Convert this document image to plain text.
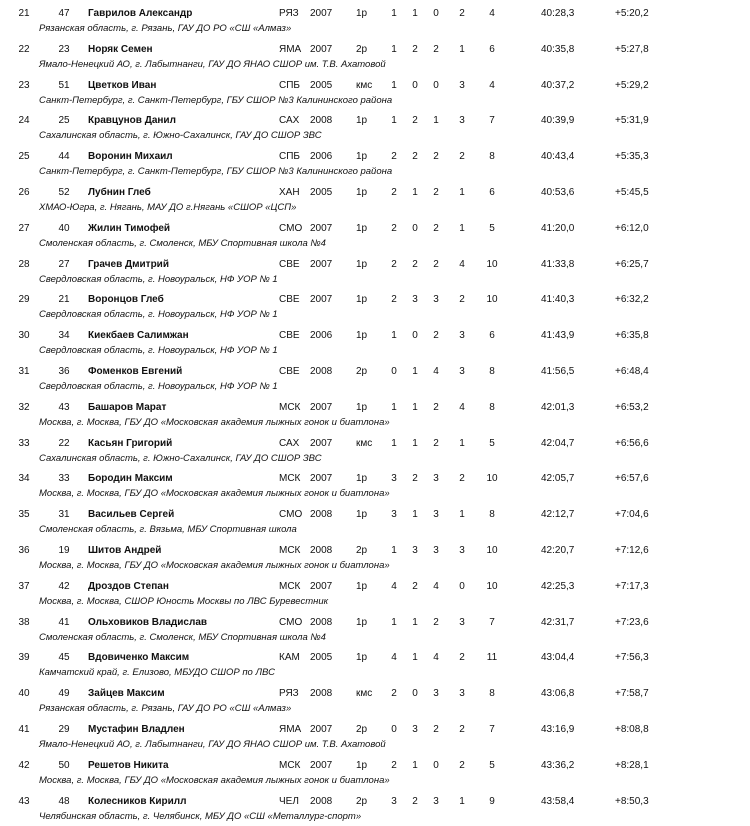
21	47 Гаврилов Александр	РЯЗ 2007 1р 1 1 0	2	4	40:28,3	+5:20,2
Рязанская область, г. Рязань, ГАУ ДО РО «СШ «Алмаз»
22	23 Норяк Семен	ЯМА 2007 2р 1 2 2	1	6	40:35,8	+5:27,8
Ямало-Ненецкий АО, г. Лабытнанги, ГАУ ДО ЯНАО СШОР им. Т.В. Ахатовой
23	51 Цветков Иван	СПБ 2005 кмс 1 0 0	3	4	40:37,2	+5:29,2
Санкт-Петербург, г. Санкт-Петербург, ГБУ СШОР №3 Калининского района
24	25 Кравцунов Данил	САХ 2008 1р 1 2 1	3	7	40:39,9	+5:31,9
Сахалинская область, г. Южно-Сахалинск, ГАУ ДО СШОР ЗВС
25	44 Воронин Михаил	СПБ 2006 1р 2 2 2	2	8	40:43,4	+5:35,3
Санкт-Петербург, г. Санкт-Петербург, ГБУ СШОР №3 Калининского района
26	52 Лубнин Глеб	ХАН 2005 1р 2 1 2	1	6	40:53,6	+5:45,5
ХМАО-Югра, г. Нягань, МАУ ДО г.Нягань «СШОР «ЦСП»
27	40 Жилин Тимофей	СМО 2007 1р 2 0 2	1	5	41:20,0	+6:12,0
Смоленская область, г. Смоленск, МБУ Спортивная школа №4
28	27 Грачев Дмитрий	СВЕ 2007 1р 2 2 2	4	10	41:33,8	+6:25,7
Свердловская область, г. Новоуральск, НФ УОР № 1
29	21 Воронцов Глеб	СВЕ 2007 1р 2 3 3	2	10	41:40,3	+6:32,2
Свердловская область, г. Новоуральск, НФ УОР № 1
30	34 Киекбаев Салимжан	СВЕ 2006 1р 1 0 2	3	6	41:43,9	+6:35,8
Свердловская область, г. Новоуральск, НФ УОР № 1
31	36 Фоменков Евгений	СВЕ 2008 2р 0 1 4	3	8	41:56,5	+6:48,4
Свердловская область, г. Новоуральск, НФ УОР № 1
32	43 Башаров Марат	МСК 2007 1р 1 1 2	4	8	42:01,3	+6:53,2
Москва, г. Москва, ГБУ ДО «Московская академия лыжных гонок и биатлона»
33	22 Касьян Григорий	САХ 2007 кмс 1 1 2	1	5	42:04,7	+6:56,6
Сахалинская область, г. Южно-Сахалинск, ГАУ ДО СШОР ЗВС
34	33 Бородин Максим	МСК 2007 1р 3 2 3	2	10	42:05,7	+6:57,6
Москва, г. Москва, ГБУ ДО «Московская академия лыжных гонок и биатлона»
35	31 Васильев Сергей	СМО 2008 1р 3 1 3	1	8	42:12,7	+7:04,6
Смоленская область, г. Вязьма, МБУ Спортивная школа
36	19 Шитов Андрей	МСК 2008 2р 1 3 3	3	10	42:20,7	+7:12,6
Москва, г. Москва, ГБУ ДО «Московская академия лыжных гонок и биатлона»
37	42 Дроздов Степан	МСК 2007 1р 4 2 4	0	10	42:25,3	+7:17,3
Москва, г. Москва, СШОР Юность Москвы по ЛВС Буревестник
38	41 Ольховиков Владислав	СМО 2008 1р 1 1 2	3	7	42:31,7	+7:23,6
Смоленская область, г. Смоленск, МБУ Спортивная школа №4
39	45 Вдовиченко Максим	КАМ 2005 1р 4 1 4	2	11	43:04,4	+7:56,3
Камчатский край, г. Елизово, МБУДО СШОР по ЛВС
40	49 Зайцев Максим	РЯЗ 2008 кмс 2 0 3	3	8	43:06,8	+7:58,7
Рязанская область, г. Рязань, ГАУ ДО РО «СШ «Алмаз»
41	29 Мустафин Владлен	ЯМА 2007 2р 0 3 2	2	7	43:16,9	+8:08,8
Ямало-Ненецкий АО, г. Лабытнанги, ГАУ ДО ЯНАО СШОР им. Т.В. Ахатовой
42	50 Решетов Никита	МСК 2007 1р 2 1 0	2	5	43:36,2	+8:28,1
Москва, г. Москва, ГБУ ДО «Московская академия лыжных гонок и биатлона»
43	48 Колесников Кирилл	ЧЕЛ 2008 2р 3 2 3	1	9	43:58,4	+8:50,3
Челябинская область, г. Челябинск, МБУ ДО «СШ «Металлург-спорт»
